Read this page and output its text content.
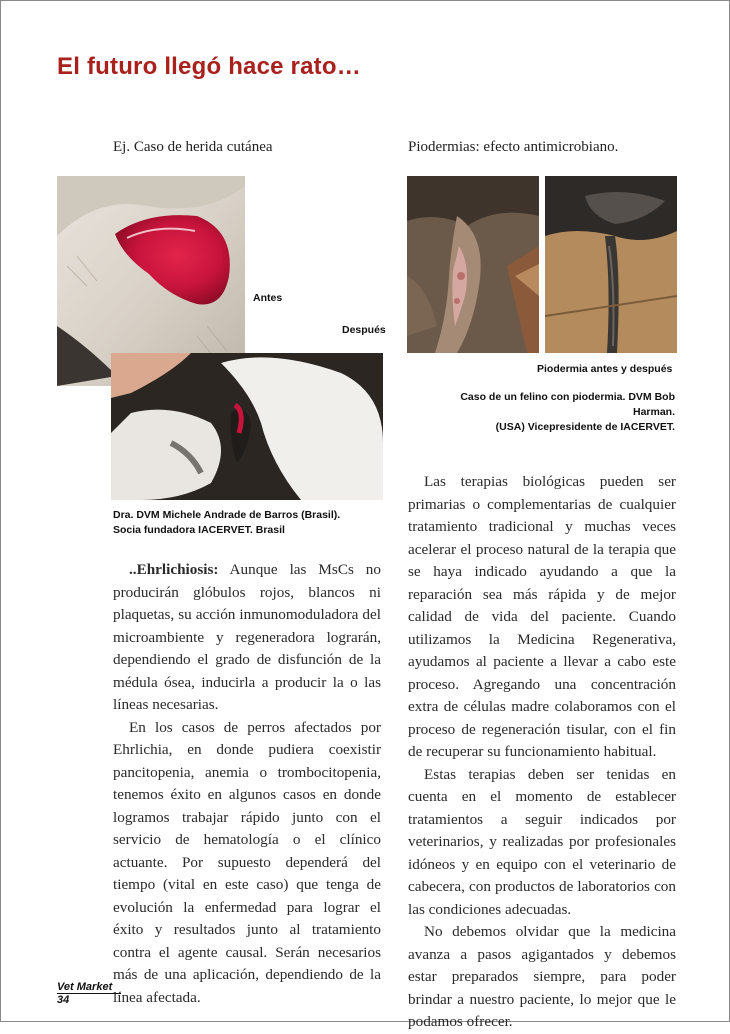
El futuro llegó hace rato…
Ej. Caso de herida cutánea
Antes
Después
Dra. DVM Michele Andrade de Barros (Brasil).
Socia fundadora IACERVET. Brasil
Piodermias: efecto antimicrobiano.
Piodermia antes y después
Caso de un felino con piodermia. DVM Bob Harman.
(USA) Vicepresidente de IACERVET.

..Ehrlichiosis: Aunque las MsCs no producirán glóbulos rojos, blancos ni plaquetas, su acción inmunomoduladora del microambiente y regeneradora lograrán, dependiendo el grado de disfunción de la médula ósea, inducirla a producir la o las líneas necesarias.

En los casos de perros afectados por Ehrlichia, en donde pudiera coexistir pancitopenia, anemia o trombocitopenia, tenemos éxito en algunos casos en donde logramos trabajar rápido junto con el servicio de hematología o el clínico actuante. Por supuesto dependerá del tiempo (vital en este caso) que tenga de evolución la enfermedad para lograr el éxito y resultados junto al tratamiento contra el agente causal. Serán necesarios más de una aplicación, dependiendo de la línea afectada.

Las terapias biológicas pueden ser primarias o complementarias de cualquier tratamiento tradicional y muchas veces acelerar el proceso natural de la terapia que se haya indicado ayudando a que la reparación sea más rápida y de mejor calidad de vida del paciente. Cuando utilizamos la Medicina Regenerativa, ayudamos al paciente a llevar a cabo este proceso. Agregando una concentración extra de células madre colaboramos con el proceso de regeneración tisular, con el fin de recuperar su funcionamiento habitual.

Estas terapias deben ser tenidas en cuenta en el momento de establecer tratamientos a seguir indicados por veterinarios, y realizadas por profesionales idóneos y en equipo con el veterinario de cabecera, con productos de laboratorios con las condiciones adecuadas.

No debemos olvidar que la medicina avanza a pasos agigantados y debemos estar preparados siempre, para poder brindar a nuestro paciente, lo mejor que le podamos ofrecer.

Vet Market
34
